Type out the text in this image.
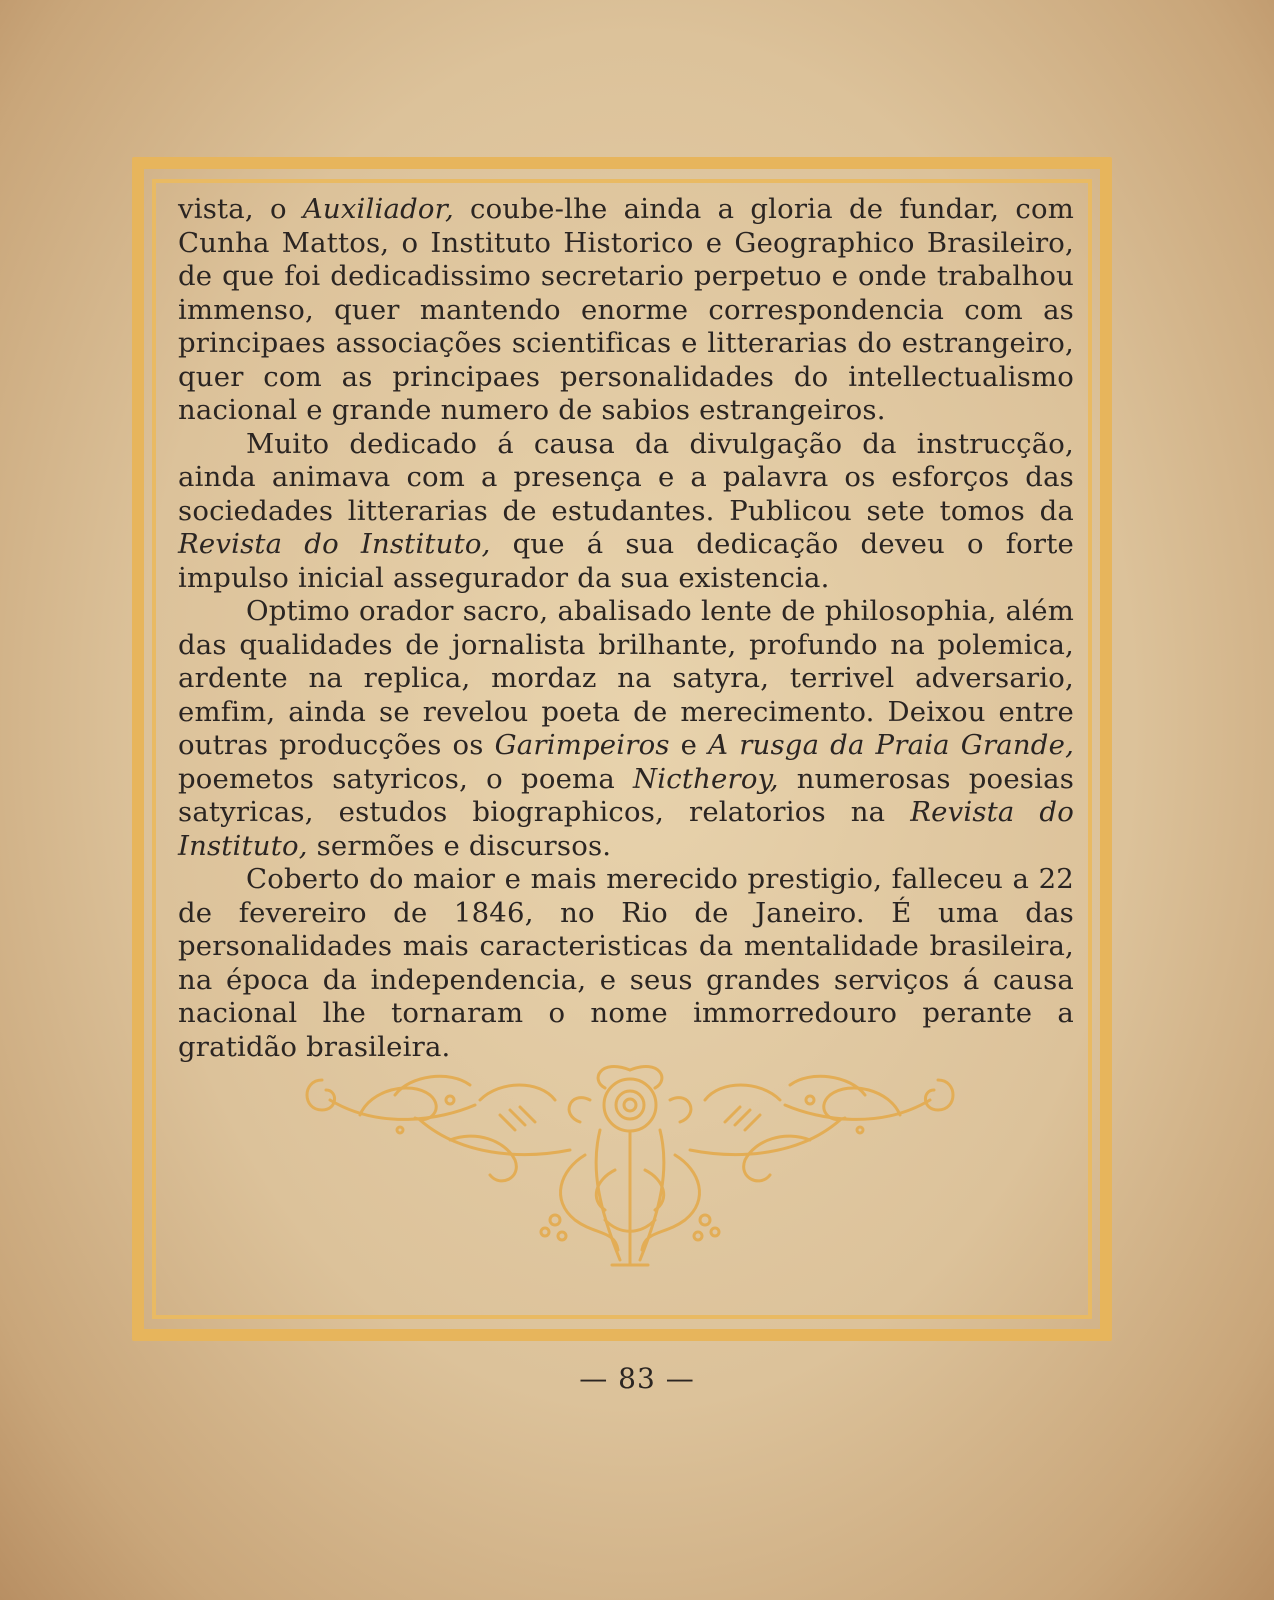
vista, o Auxiliador, coube-lhe ainda a gloria de fundar, com Cunha Mattos, o Instituto Historico e Geographico Brasileiro, de que foi dedicadissimo secretario perpetuo e onde trabalhou immenso, quer mantendo enorme correspondencia com as principaes associações scientificas e litterarias do estrangeiro, quer com as principaes personalidades do intellectualismo nacional e grande numero de sabios estrangeiros.

Muito dedicado á causa da divulgação da instrucção, ainda animava com a presença e a palavra os esforços das sociedades litterarias de estudantes. Publicou sete tomos da Revista do Instituto, que á sua dedicação deveu o forte impulso inicial assegurador da sua existencia.

Optimo orador sacro, abalisado lente de philosophia, além das qualidades de jornalista brilhante, profundo na polemica, ardente na replica, mordaz na satyra, terrivel adversario, emfim, ainda se revelou poeta de merecimento. Deixou entre outras producções os Garimpeiros e A rusga da Praia Grande, poemetos satyricos, o poema Nictheroy, numerosas poesias satyricas, estudos biographicos, relatorios na Revista do Instituto, sermões e discursos.

Coberto do maior e mais merecido prestigio, falleceu a 22 de fevereiro de 1846, no Rio de Janeiro. É uma das personalidades mais caracteristicas da mentalidade brasileira, na época da independencia, e seus grandes serviços á causa nacional lhe tornaram o nome immorredouro perante a gratidão brasileira.

— 83 —
